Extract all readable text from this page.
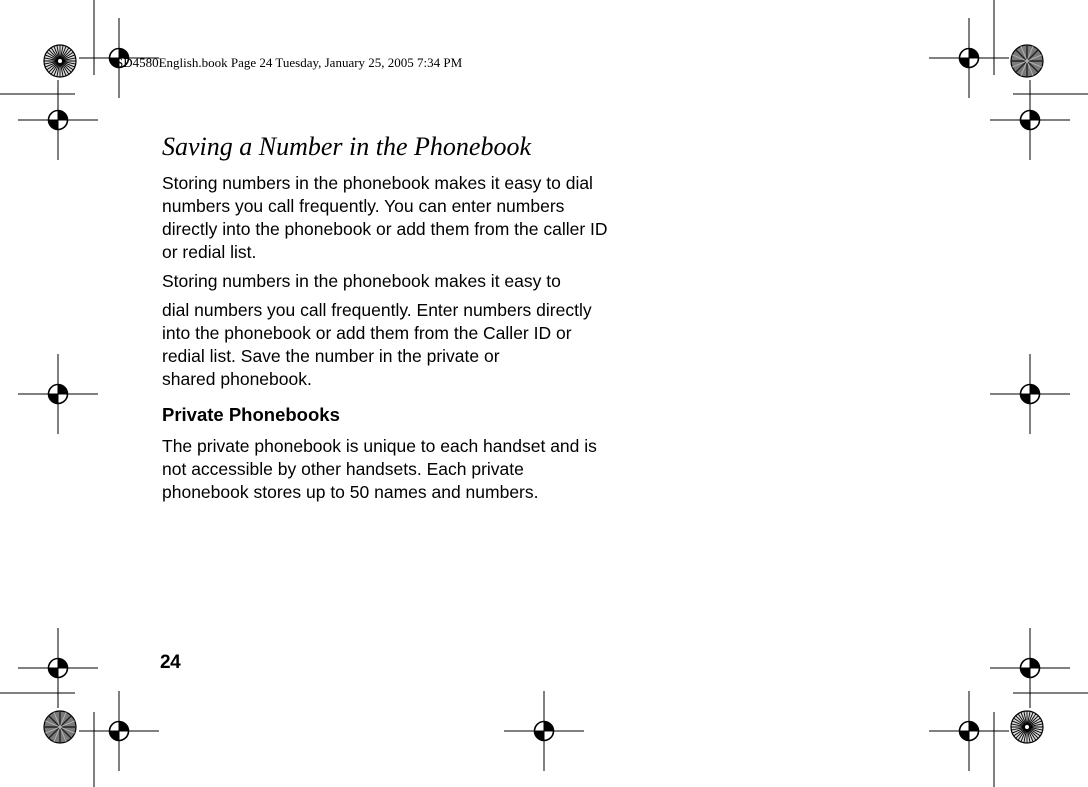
SD4580English.book Page 24 Tuesday, January 25, 2005 7:34 PM
Saving a Number in the Phonebook

Storing numbers in the phonebook makes it easy to dial
numbers you call frequently. You can enter numbers
directly into the phonebook or add them from the caller ID
or redial list.

Storing numbers in the phonebook makes it easy to

dial numbers you call frequently. Enter numbers directly
into the phonebook or add them from the Caller ID or
redial list. Save the number in the private or
shared phonebook.

Private Phonebooks

The private phonebook is unique to each handset and is
not accessible by other handsets. Each private
phonebook stores up to 50 names and numbers.

24
